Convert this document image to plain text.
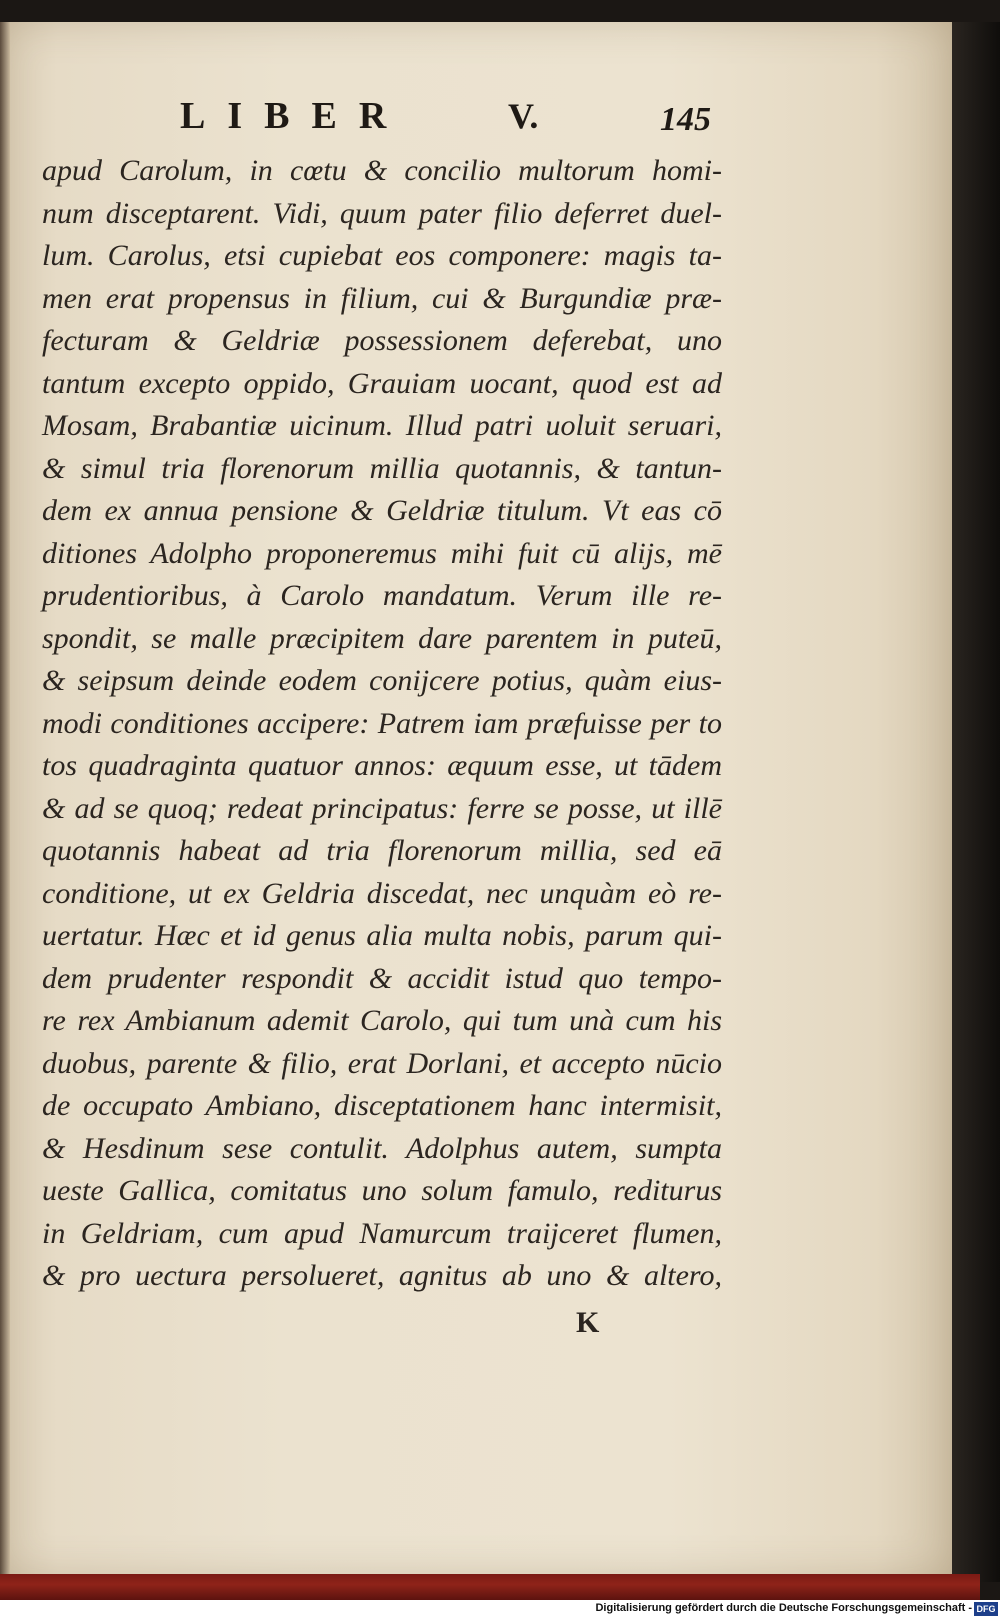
LIBER	V.	145
apud Carolum, in cœtu & concilio multorum homi-
num disceptarent. Vidi, quum pater filio deferret duel-
lum. Carolus, etsi cupiebat eos componere: magis ta-
men erat propensus in filium, cui & Burgundiæ præ-
fecturam & Geldriæ possessionem deferebat, uno
tantum excepto oppido, Grauiam uocant, quod est ad
Mosam, Brabantiæ uicinum. Illud patri uoluit seruari,
& simul tria florenorum millia quotannis, & tantun-
dem ex annua pensione & Geldriæ titulum. Vt eas cō
ditiones Adolpho proponeremus mihi fuit cū alijs, mē
prudentioribus, à Carolo mandatum. Verum ille re-
spondit, se malle præcipitem dare parentem in puteū,
& seipsum deinde eodem conijcere potius, quàm eius-
modi conditiones accipere: Patrem iam præfuisse per to
tos quadraginta quatuor annos: æquum esse, ut tādem
& ad se quoq; redeat principatus: ferre se posse, ut illē
quotannis habeat ad tria florenorum millia, sed eā
conditione, ut ex Geldria discedat, nec unquàm eò re-
uertatur. Hæc et id genus alia multa nobis, parum qui-
dem prudenter respondit & accidit istud quo tempo-
re rex Ambianum ademit Carolo, qui tum unà cum his
duobus, parente & filio, erat Dorlani, et accepto nūcio
de occupato Ambiano, disceptationem hanc intermisit,
& Hesdinum sese contulit. Adolphus autem, sumpta
ueste Gallica, comitatus uno solum famulo, rediturus
in Geldriam, cum apud Namurcum traijceret flumen,
& pro uectura persolueret, agnitus ab uno & altero,
K
Digitalisierung gefördert durch die Deutsche Forschungsgemeinschaft - DFG
